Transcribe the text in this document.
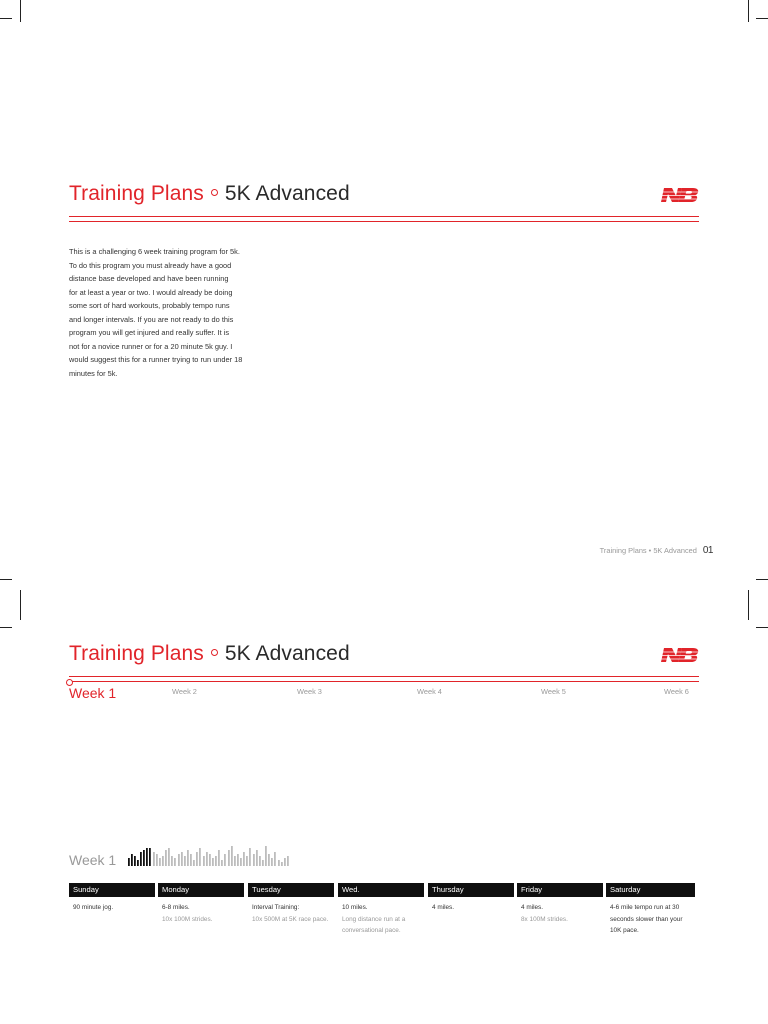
Training Plans 5K Advanced
This is a challenging 6 week training program for 5k.
To do this program you must already have a good
distance base developed and have been running
for at least a year or two. I would already be doing
some sort of hard workouts, probably tempo runs
and longer intervals. If you are not ready to do this
program you will get injured and really suffer. It is
not for a novice runner or for a 20 minute 5k guy. I
would suggest this for a runner trying to run under 18
minutes for 5k.
Training Plans • 5K Advanced 01
Training Plans 5K Advanced
Week 1	Week 2	Week 3	Week 4	Week 5	Week 6
Week 1
Sunday
90 minute jog.
Monday
6-8 miles.
10x 100M strides.
Tuesday
Interval Training:
10x 500M at 5K race pace.
Wed.
10 miles.
Long distance run at a conversational pace.
Thursday
4 miles.
Friday
4 miles.
8x 100M strides.
Saturday
4-6 mile tempo run at 30 seconds slower than your 10K pace.
